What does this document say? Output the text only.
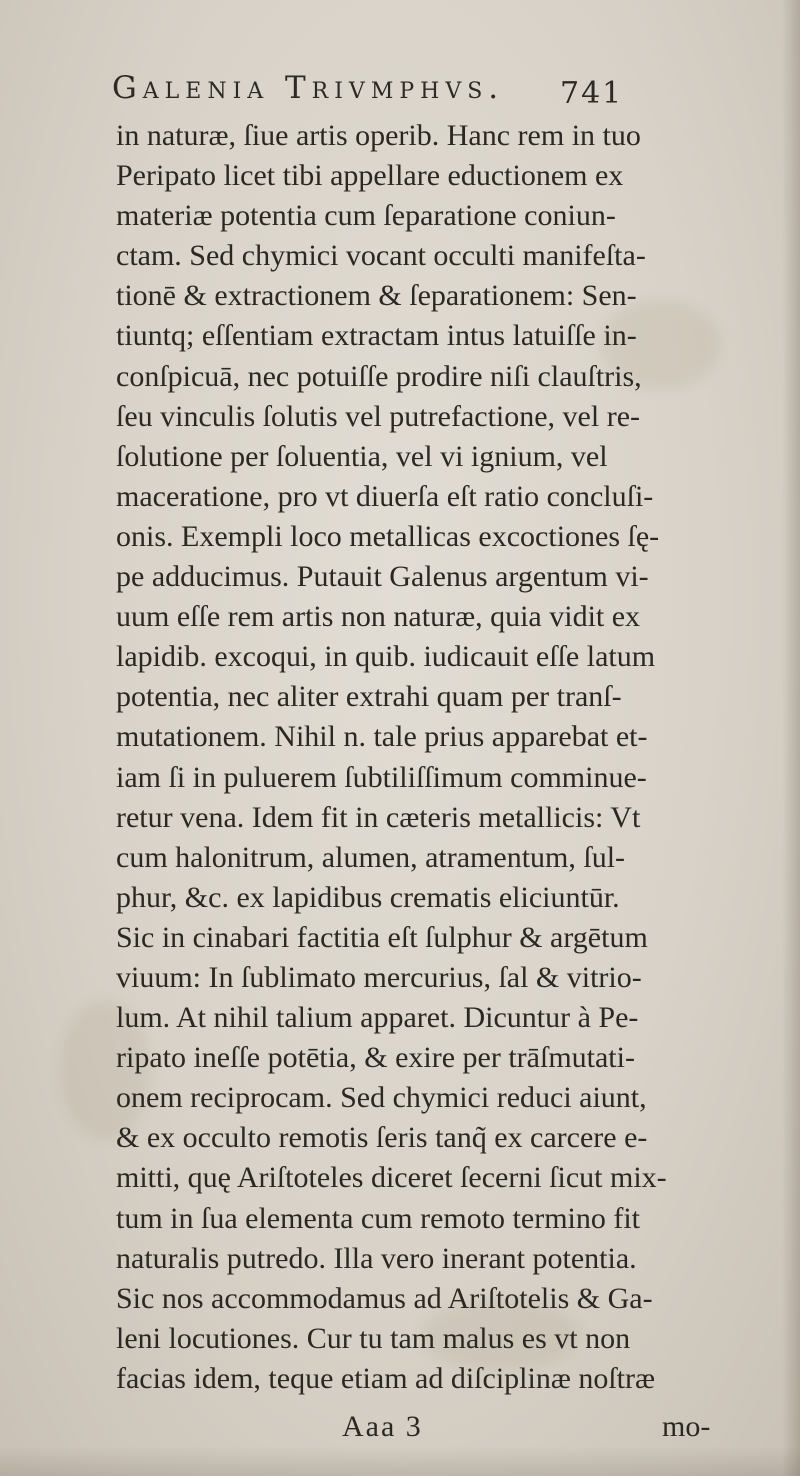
Galenia Trivmphvs. 741
in naturæ, ſiue artis operib. Hanc rem in tuo
Peripato licet tibi appellare eductionem ex
materiæ potentia cum ſeparatione coniun-
ctam. Sed chymici vocant occulti manifeſta-
tionē & extractionem & ſeparationem: Sen-
tiuntq; eſſentiam extractam intus latuiſſe in-
conſpicuā, nec potuiſſe prodire niſi clauſtris,
ſeu vinculis ſolutis vel putrefactione, vel re-
ſolutione per ſoluentia, vel vi ignium, vel
maceratione, pro vt diuerſa eſt ratio concluſi-
onis. Exempli loco metallicas excoctiones ſę-
pe adducimus. Putauit Galenus argentum vi-
uum eſſe rem artis non naturæ, quia vidit ex
lapidib. excoqui, in quib. iudicauit eſſe latum
potentia, nec aliter extrahi quam per tranſ-
mutationem. Nihil n. tale prius apparebat et-
iam ſi in puluerem ſubtiliſſimum comminue-
retur vena. Idem fit in cæteris metallicis: Vt
cum halonitrum, alumen, atramentum, ſul-
phur, &c. ex lapidibus crematis eliciuntūr.
Sic in cinabari factitia eſt ſulphur & argētum
viuum: In ſublimato mercurius, ſal & vitrio-
lum. At nihil talium apparet. Dicuntur à Pe-
ripato ineſſe potētia, & exire per trāſmutati-
onem reciprocam. Sed chymici reduci aiunt,
& ex occulto remotis ſeris tanq̃ ex carcere e-
mitti, quę Ariſtoteles diceret ſecerni ſicut mix-
tum in ſua elementa cum remoto termino fit
naturalis putredo. Illa vero inerant potentia.
Sic nos accommodamus ad Ariſtotelis & Ga-
leni locutiones. Cur tu tam malus es vt non
facias idem, teque etiam ad diſciplinæ noſtræ
Aaa 3	mo-
